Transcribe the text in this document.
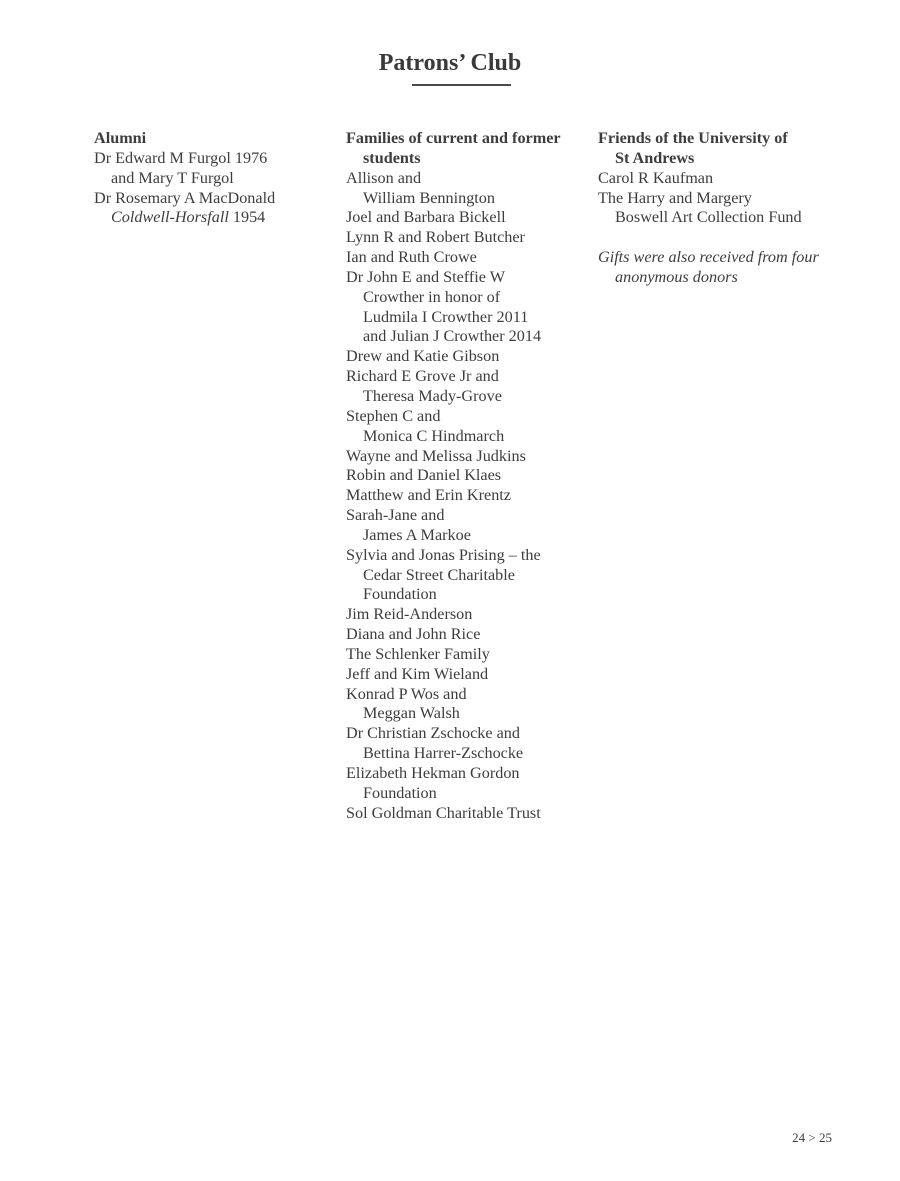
Patrons’ Club

Alumni

Dr Edward M Furgol 1976
and Mary T Furgol

Dr Rosemary A MacDonald
Coldwell-Horsfall 1954

Families of current and former
students

Allison and
William Bennington

Joel and Barbara Bickell

Lynn R and Robert Butcher

Ian and Ruth Crowe

Dr John E and Steffie W
Crowther in honor of
Ludmila I Crowther 2011
and Julian J Crowther 2014

Drew and Katie Gibson

Richard E Grove Jr and
Theresa Mady-Grove

Stephen C and
Monica C Hindmarch

Wayne and Melissa Judkins

Robin and Daniel Klaes

Matthew and Erin Krentz

Sarah-Jane and
James A Markoe

Sylvia and Jonas Prising – the
Cedar Street Charitable
Foundation

Jim Reid-Anderson

Diana and John Rice

The Schlenker Family

Jeff and Kim Wieland

Konrad P Wos and
Meggan Walsh

Dr Christian Zschocke and
Bettina Harrer-Zschocke

Elizabeth Hekman Gordon
Foundation

Sol Goldman Charitable Trust

Friends of the University of
St Andrews

Carol R Kaufman

The Harry and Margery
Boswell Art Collection Fund

Gifts were also received from four
anonymous donors

24 > 25
